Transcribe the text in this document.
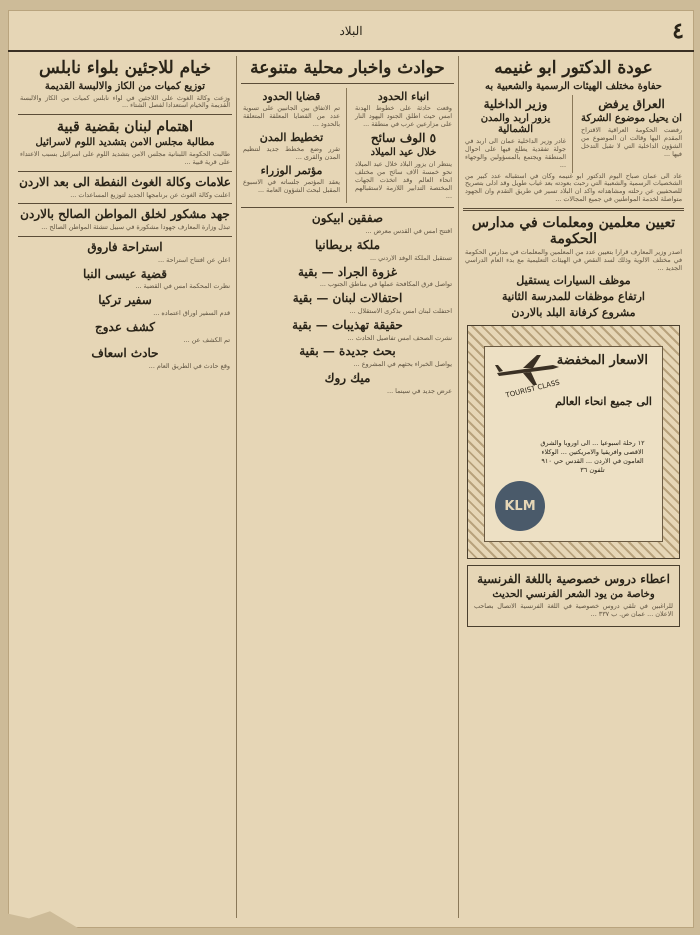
٤
البلاد
عودة الدكتور ابو غنيمه
حفاوة مختلف الهيئات الرسمية والشعبية به
العراق يرفض
ان يحيل موضوع الشركة

رفضت الحكومة العراقية الاقتراح المقدم اليها وقالت ان الموضوع من الشؤون الداخلية التي لا تقبل التدخل فيها ...

وزير الداخلية
يزور اربد والمدن الشمالية

غادر وزير الداخلية عمان الى اربد في جولة تفقدية يطلع فيها على احوال المنطقة ويجتمع بالمسؤولين والوجهاء ...

عاد الى عمان صباح اليوم الدكتور ابو غنيمه وكان في استقباله عدد كبير من الشخصيات الرسمية والشعبية التي رحبت بعودته بعد غياب طويل وقد ادلى بتصريح للصحفيين عن رحلته ومشاهداته واكد ان البلاد تسير في طريق التقدم وان الجهود متواصلة لخدمة المواطنين في جميع المجالات ...

تعيين معلمين ومعلمات في مدارس الحكومة

اصدر وزير المعارف قرارا بتعيين عدد من المعلمين والمعلمات في مدارس الحكومة في مختلف الالوية وذلك لسد النقص في الهيئات التعليمية مع بدء العام الدراسي الجديد ...

موظف السيارات يستقيل
ارتفاع موظفات للمدرسة الثانية
مشروع كرفانة البلد بالاردن
الاسعار المخفضة
TOURIST CLASS
الى جميع انحاء العالم
١٢ رحلة اسبوعيا ... الى اوروبا والشرق الاقصى وافريقيا والامريكتين ... الوكلاء العامون في الاردن ... القدس حي ٩١٠ تلفون ٣٦
KLM
اعطاء دروس خصوصية باللغة الفرنسية
وخاصة من يود الشعر الفرنسي الحديث

للراغبين في تلقي دروس خصوصية في اللغة الفرنسية الاتصال بصاحب الاعلان ... عمان ص. ب ٣٣٧ ...

حوادث واخبار محلية متنوعة
انباء الحدود

وقعت حادثة على خطوط الهدنة امس حيث اطلق الجنود اليهود النار على مزارعين عرب في منطقة ...

٥ الوف سائح
خلال عيد الميلاد

ينتظر ان يزور البلاد خلال عيد الميلاد نحو خمسة الاف سائح من مختلف انحاء العالم وقد اتخذت الجهات المختصة التدابير اللازمة لاستقبالهم ...

قضايا الحدود

تم الاتفاق بين الجانبين على تسوية عدد من القضايا المعلقة المتعلقة بالحدود ...

تخطيط المدن

تقرر وضع مخطط جديد لتنظيم المدن والقرى ...

مؤتمر الوزراء

يعقد المؤتمر جلساته في الاسبوع المقبل لبحث الشؤون العامة ...

صفقين ابيكون

افتتح امس في القدس معرض ...

ملكة بريطانيا

تستقبل الملكة الوفد الاردني ...

غزوة الجراد — بقية

تواصل فرق المكافحة عملها في مناطق الجنوب ...

احتفالات لبنان — بقية

احتفلت لبنان امس بذكرى الاستقلال ...

حقيقة تهذيبات — بقية

نشرت الصحف امس تفاصيل الحادث ...

بحث جديدة — بقية

يواصل الخبراء بحثهم في المشروع ...

ميك روك

عرض جديد في سينما ...

خيام للاجئين بلواء نابلس
توزيع كميات من الكاز والالبسة القديمة

وزعت وكالة الغوث على اللاجئين في لواء نابلس كميات من الكاز والالبسة القديمة والخيام استعدادا لفصل الشتاء ...

اهتمام لبنان بقضية قبية
مطالبة مجلس الامن بتشديد اللوم لاسرائيل

طالبت الحكومة اللبنانية مجلس الامن بتشديد اللوم على اسرائيل بسبب الاعتداء على قرية قبية ...

علامات وكالة الغوث النفطة الى بعد الاردن

اعلنت وكالة الغوث عن برنامجها الجديد لتوزيع المساعدات ...

جهد مشكور لخلق المواطن الصالح بالاردن

تبذل وزارة المعارف جهودا مشكورة في سبيل تنشئة المواطن الصالح ...

استراحة فاروق

اعلن عن افتتاح استراحة ...

قضية عيسى النبا

نظرت المحكمة امس في القضية ...

سفير تركيا

قدم السفير اوراق اعتماده ...

كشف عدوج

تم الكشف عن ...

حادث اسعاف

وقع حادث في الطريق العام ...
